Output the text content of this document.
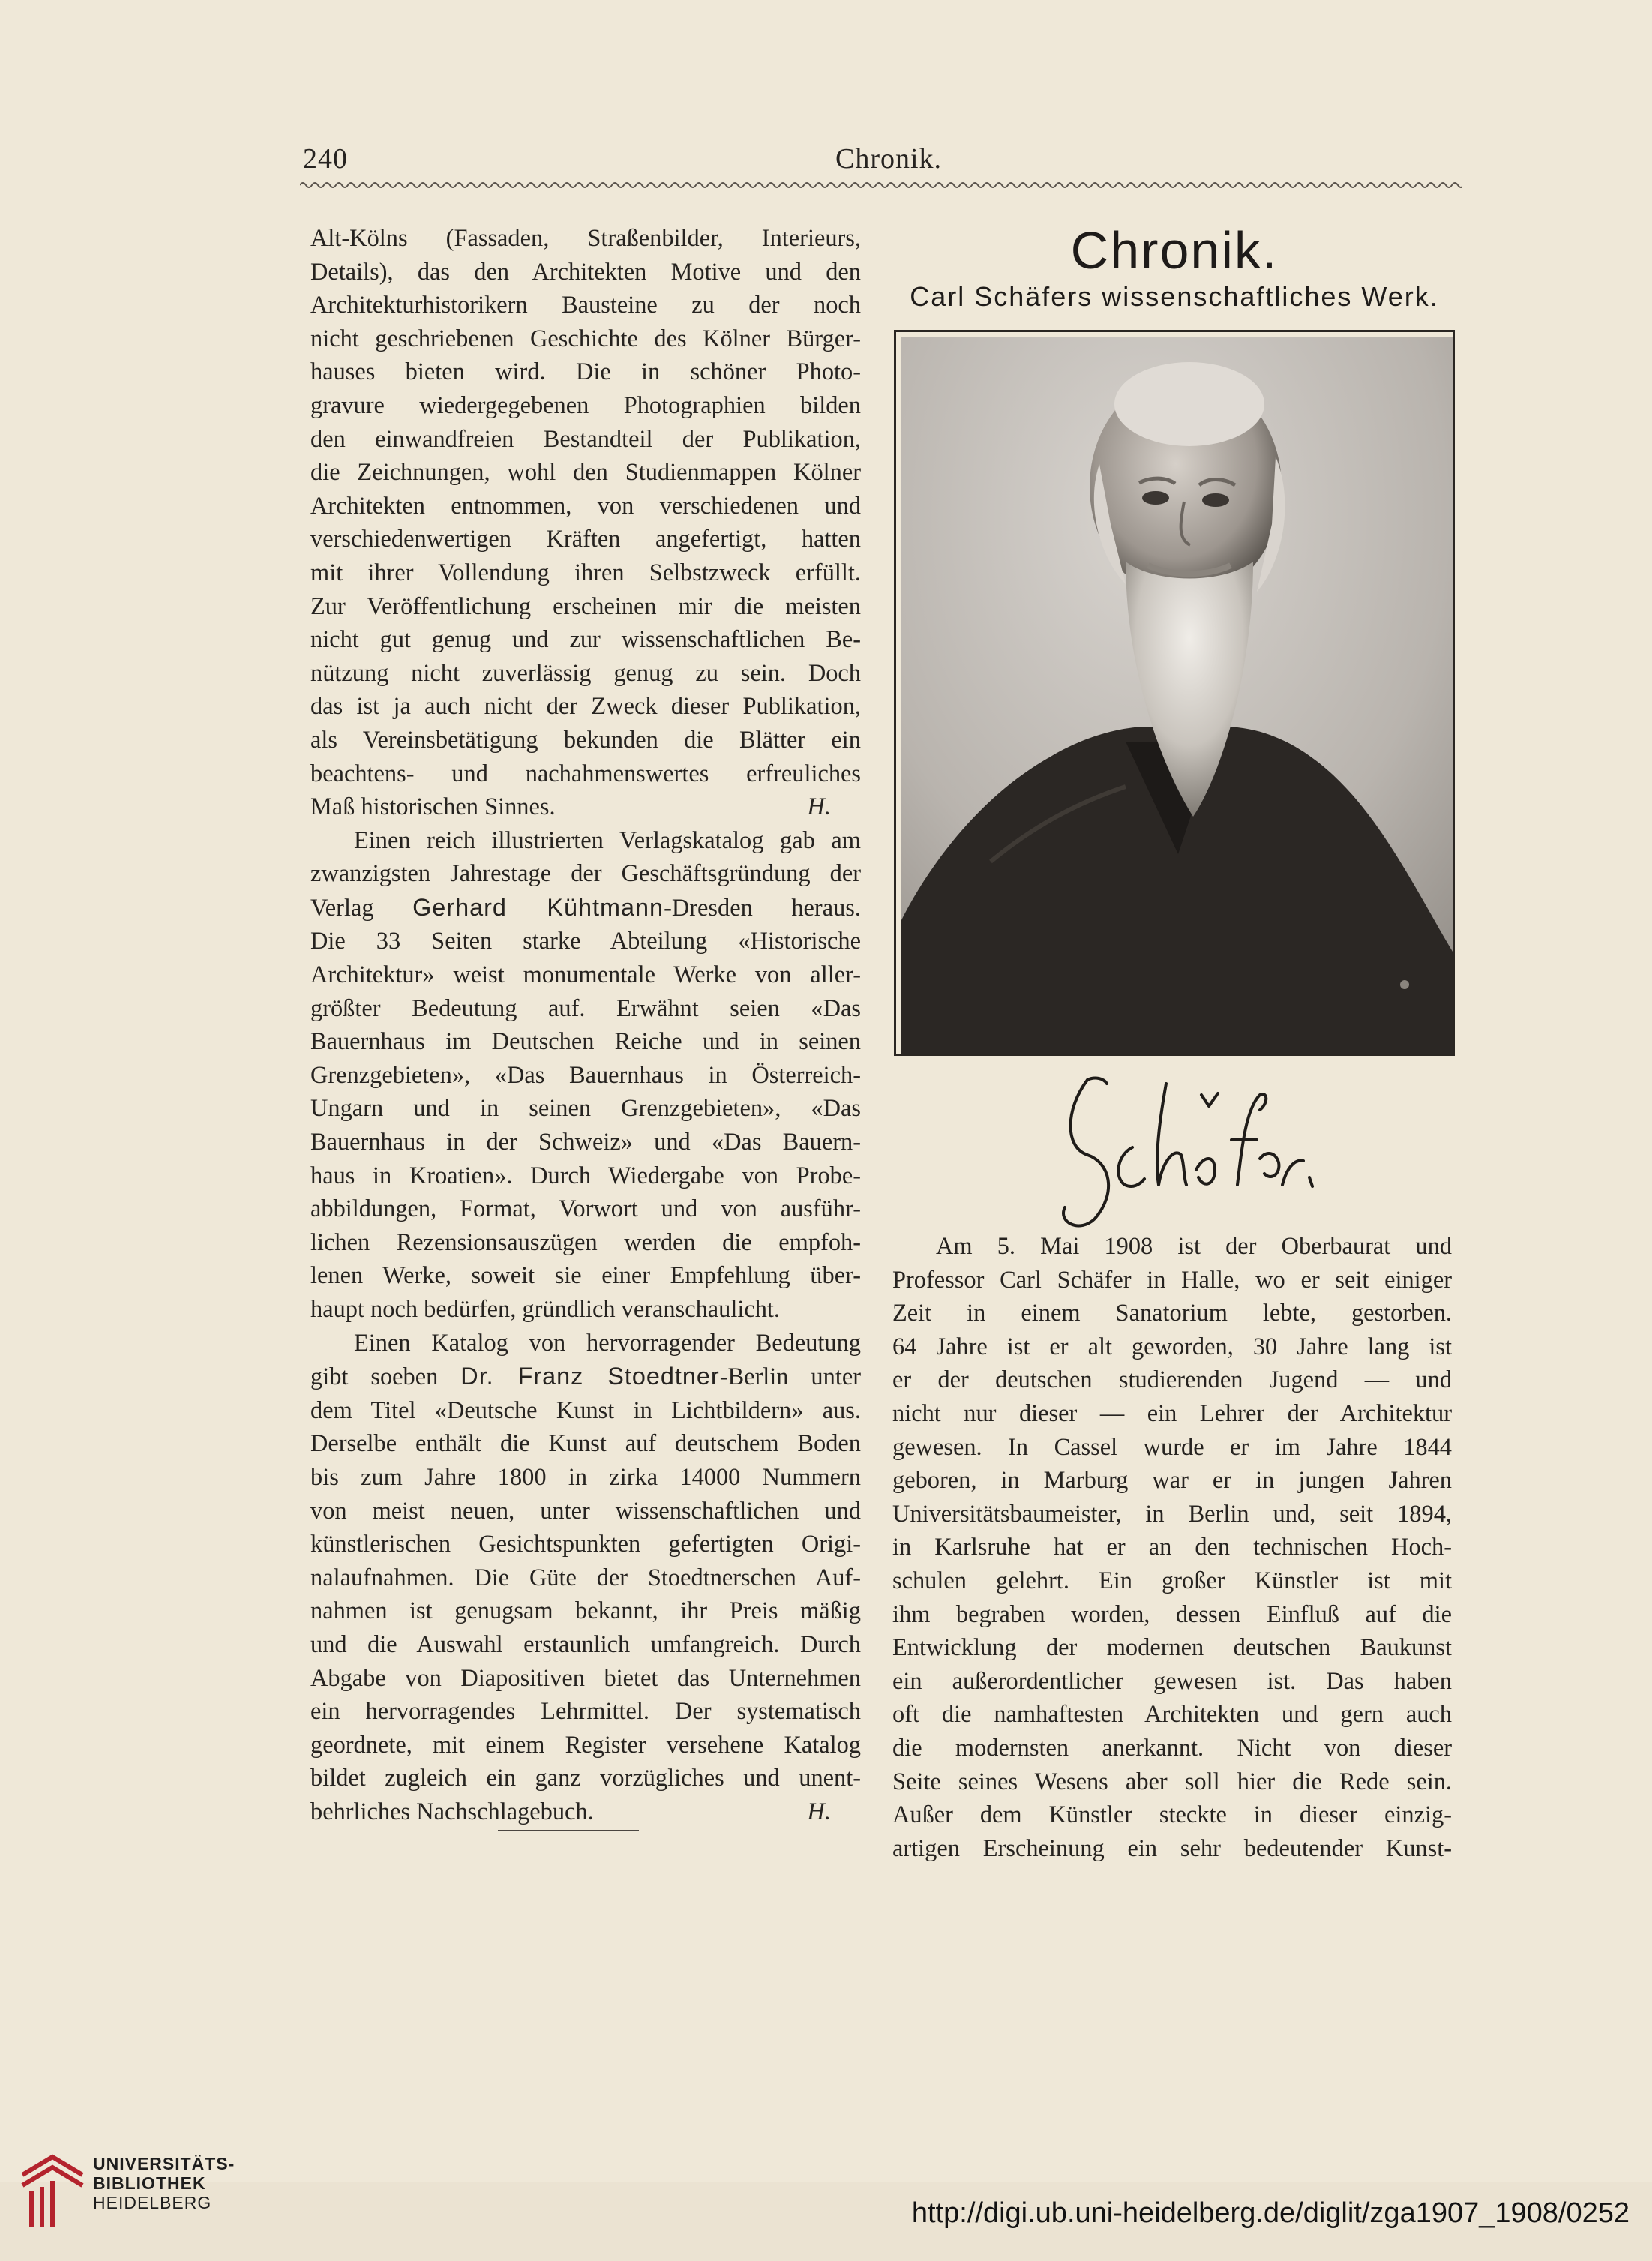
240	Chronik.
Alt-Kölns (Fassaden, Straßenbilder, Interieurs,
Details), das den Architekten Motive und den
Architekturhistorikern Bausteine zu der noch
nicht geschriebenen Geschichte des Kölner Bürger-
hauses bieten wird. Die in schöner Photo-
gravure wiedergegebenen Photographien bilden
den einwandfreien Bestandteil der Publikation,
die Zeichnungen, wohl den Studienmappen Kölner
Architekten entnommen, von verschiedenen und
verschiedenwertigen Kräften angefertigt, hatten
mit ihrer Vollendung ihren Selbstzweck erfüllt.
Zur Veröffentlichung erscheinen mir die meisten
nicht gut genug und zur wissenschaftlichen Be-
nützung nicht zuverlässig genug zu sein. Doch
das ist ja auch nicht der Zweck dieser Publikation,
als Vereinsbetätigung bekunden die Blätter ein
beachtens- und nachahmenswertes erfreuliches
Maß historischen Sinnes.	H.
Einen reich illustrierten Verlagskatalog gab am
zwanzigsten Jahrestage der Geschäftsgründung der
Verlag Gerhard Kühtmann-Dresden heraus.
Die 33 Seiten starke Abteilung «Historische
Architektur» weist monumentale Werke von aller-
größter Bedeutung auf. Erwähnt seien «Das
Bauernhaus im Deutschen Reiche und in seinen
Grenzgebieten», «Das Bauernhaus in Österreich-
Ungarn und in seinen Grenzgebieten», «Das
Bauernhaus in der Schweiz» und «Das Bauern-
haus in Kroatien». Durch Wiedergabe von Probe-
abbildungen, Format, Vorwort und von ausführ-
lichen Rezensionsauszügen werden die empfoh-
lenen Werke, soweit sie einer Empfehlung über-
haupt noch bedürfen, gründlich veranschaulicht.
Einen Katalog von hervorragender Bedeutung
gibt soeben Dr. Franz Stoedtner-Berlin unter
dem Titel «Deutsche Kunst in Lichtbildern» aus.
Derselbe enthält die Kunst auf deutschem Boden
bis zum Jahre 1800 in zirka 14000 Nummern
von meist neuen, unter wissenschaftlichen und
künstlerischen Gesichtspunkten gefertigten Origi-
nalaufnahmen. Die Güte der Stoedtnerschen Auf-
nahmen ist genugsam bekannt, ihr Preis mäßig
und die Auswahl erstaunlich umfangreich. Durch
Abgabe von Diapositiven bietet das Unternehmen
ein hervorragendes Lehrmittel. Der systematisch
geordnete, mit einem Register versehene Katalog
bildet zugleich ein ganz vorzügliches und unent-
behrliches Nachschlagebuch.	H.
Chronik.
Carl Schäfers wissenschaftliches Werk.
Am 5. Mai 1908 ist der Oberbaurat und
Professor Carl Schäfer in Halle, wo er seit einiger
Zeit in einem Sanatorium lebte, gestorben.
64 Jahre ist er alt geworden, 30 Jahre lang ist
er der deutschen studierenden Jugend — und
nicht nur dieser — ein Lehrer der Architektur
gewesen. In Cassel wurde er im Jahre 1844
geboren, in Marburg war er in jungen Jahren
Universitätsbaumeister, in Berlin und, seit 1894,
in Karlsruhe hat er an den technischen Hoch-
schulen gelehrt. Ein großer Künstler ist mit
ihm begraben worden, dessen Einfluß auf die
Entwicklung der modernen deutschen Baukunst
ein außerordentlicher gewesen ist. Das haben
oft die namhaftesten Architekten und gern auch
die modernsten anerkannt. Nicht von dieser
Seite seines Wesens aber soll hier die Rede sein.
Außer dem Künstler steckte in dieser einzig-
artigen Erscheinung ein sehr bedeutender Kunst-
UNIVERSITÄTS-
BIBLIOTHEK
HEIDELBERG	http://digi.ub.uni-heidelberg.de/diglit/zga1907_1908/0252
